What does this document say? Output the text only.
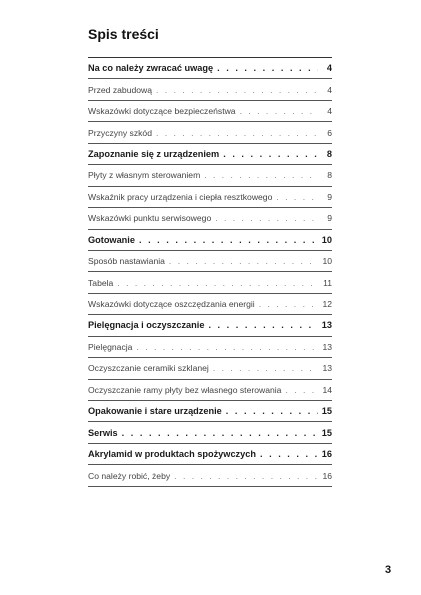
Spis treści
Na co należy zwracać uwagę . . .	4
Przed zabudową . . .	4
Wskazówki dotyczące bezpieczeństwa . . .	4
Przyczyny szkód . . .	6
Zapoznanie się z urządzeniem . . .	8
Płyty z własnym sterowaniem . . .	8
Wskaźnik pracy urządzenia i ciepła resztkowego . . .	9
Wskazówki punktu serwisowego . . .	9
Gotowanie . . .	10
Sposób nastawiania . . .	10
Tabela . . .	11
Wskazówki dotyczące oszczędzania energii . . .	12
Pielęgnacja i oczyszczanie . . .	13
Pielęgnacja . . .	13
Oczyszczanie ceramiki szklanej . . .	13
Oczyszczanie ramy płyty bez własnego sterowania . . .	14
Opakowanie i stare urządzenie . . .	15
Serwis . . .	15
Akrylamid w produktach spożywczych . . .	16
Co należy robić, żeby . . .	16
3
